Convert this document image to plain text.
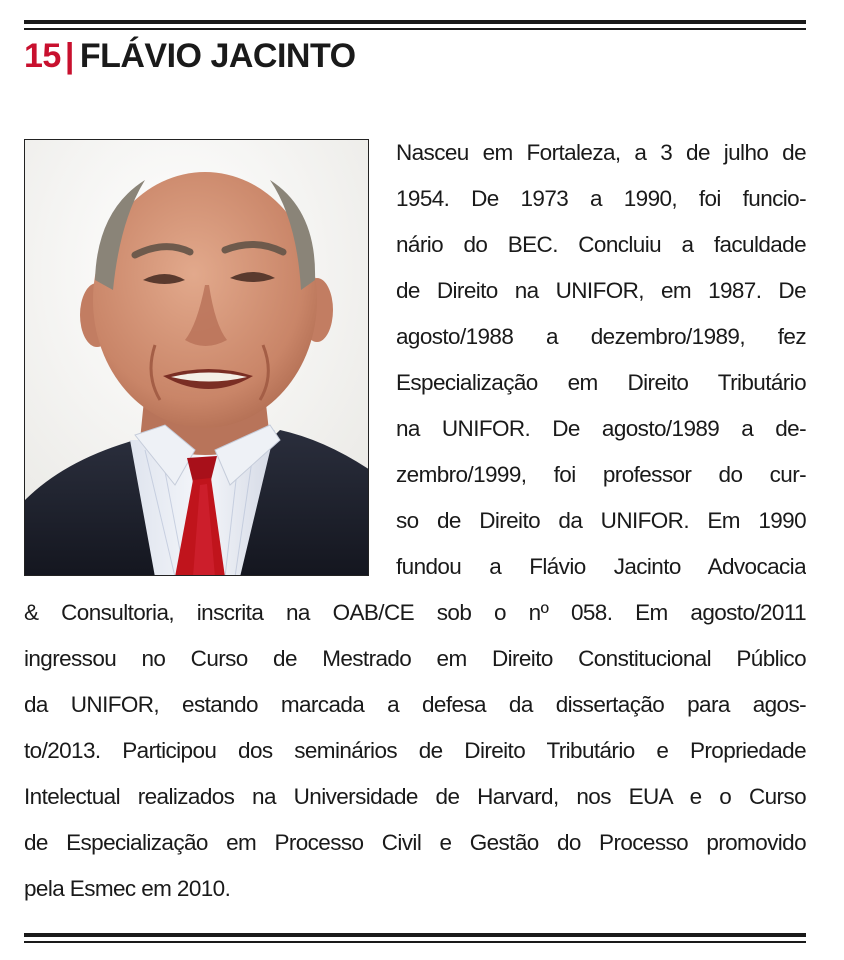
15 | FLÁVIO JACINTO
Nasceu em Fortaleza, a 3 de julho de
1954. De 1973 a 1990, foi funcio-
nário do BEC. Concluiu a faculdade
de Direito na UNIFOR, em 1987. De
agosto/1988 a dezembro/1989, fez
Especialização em Direito Tributário
na UNIFOR. De agosto/1989 a de-
zembro/1999, foi professor do cur-
so de Direito da UNIFOR. Em 1990
fundou a Flávio Jacinto Advocacia
& Consultoria, inscrita na OAB/CE sob o nº 058. Em agosto/2011
ingressou no Curso de Mestrado em Direito Constitucional Público
da UNIFOR, estando marcada a defesa da dissertação para agos-
to/2013. Participou dos seminários de Direito Tributário e Propriedade
Intelectual realizados na Universidade de Harvard, nos EUA e o Curso
de Especialização em Processo Civil e Gestão do Processo promovido
pela Esmec em 2010.
